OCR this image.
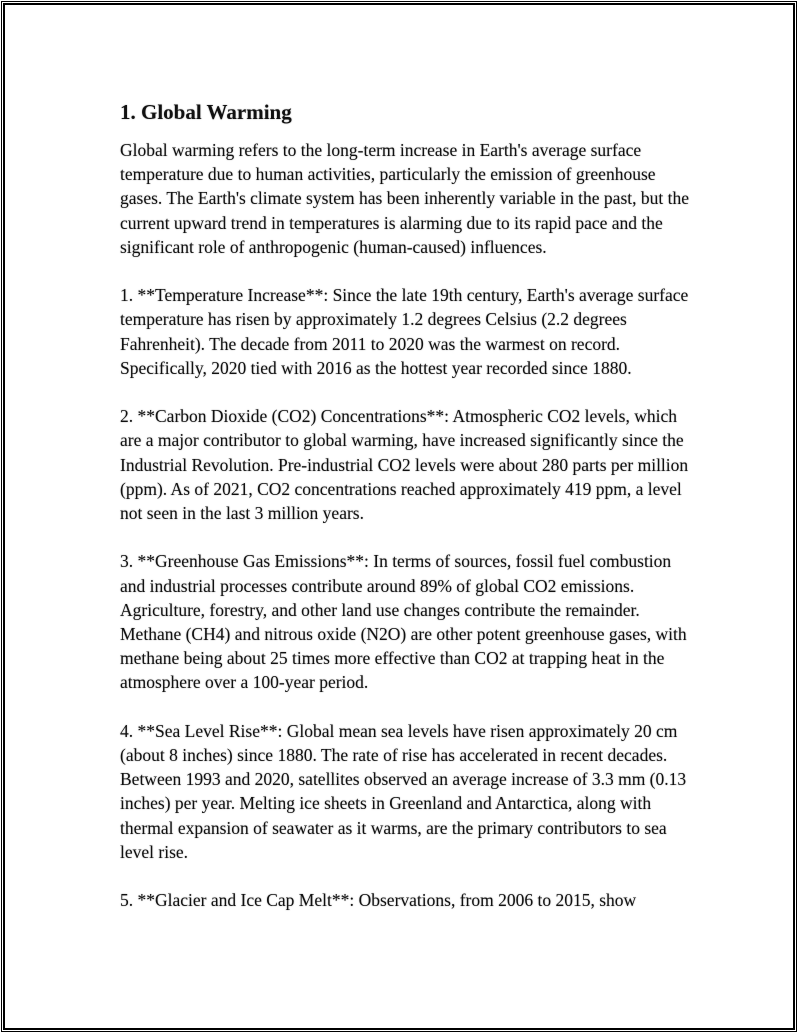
1. Global Warming

Global warming refers to the long-term increase in Earth's average surface temperature due to human activities, particularly the emission of greenhouse gases. The Earth's climate system has been inherently variable in the past, but the current upward trend in temperatures is alarming due to its rapid pace and the significant role of anthropogenic (human-caused) influences.

1. **Temperature Increase**: Since the late 19th century, Earth's average surface temperature has risen by approximately 1.2 degrees Celsius (2.2 degrees Fahrenheit). The decade from 2011 to 2020 was the warmest on record. Specifically, 2020 tied with 2016 as the hottest year recorded since 1880.

2. **Carbon Dioxide (CO2) Concentrations**: Atmospheric CO2 levels, which are a major contributor to global warming, have increased significantly since the Industrial Revolution. Pre-industrial CO2 levels were about 280 parts per million (ppm). As of 2021, CO2 concentrations reached approximately 419 ppm, a level not seen in the last 3 million years.

3. **Greenhouse Gas Emissions**: In terms of sources, fossil fuel combustion and industrial processes contribute around 89% of global CO2 emissions. Agriculture, forestry, and other land use changes contribute the remainder. Methane (CH4) and nitrous oxide (N2O) are other potent greenhouse gases, with methane being about 25 times more effective than CO2 at trapping heat in the atmosphere over a 100-year period.

4. **Sea Level Rise**: Global mean sea levels have risen approximately 20 cm (about 8 inches) since 1880. The rate of rise has accelerated in recent decades. Between 1993 and 2020, satellites observed an average increase of 3.3 mm (0.13 inches) per year. Melting ice sheets in Greenland and Antarctica, along with thermal expansion of seawater as it warms, are the primary contributors to sea level rise.

5. **Glacier and Ice Cap Melt**: Observations, from 2006 to 2015, show
